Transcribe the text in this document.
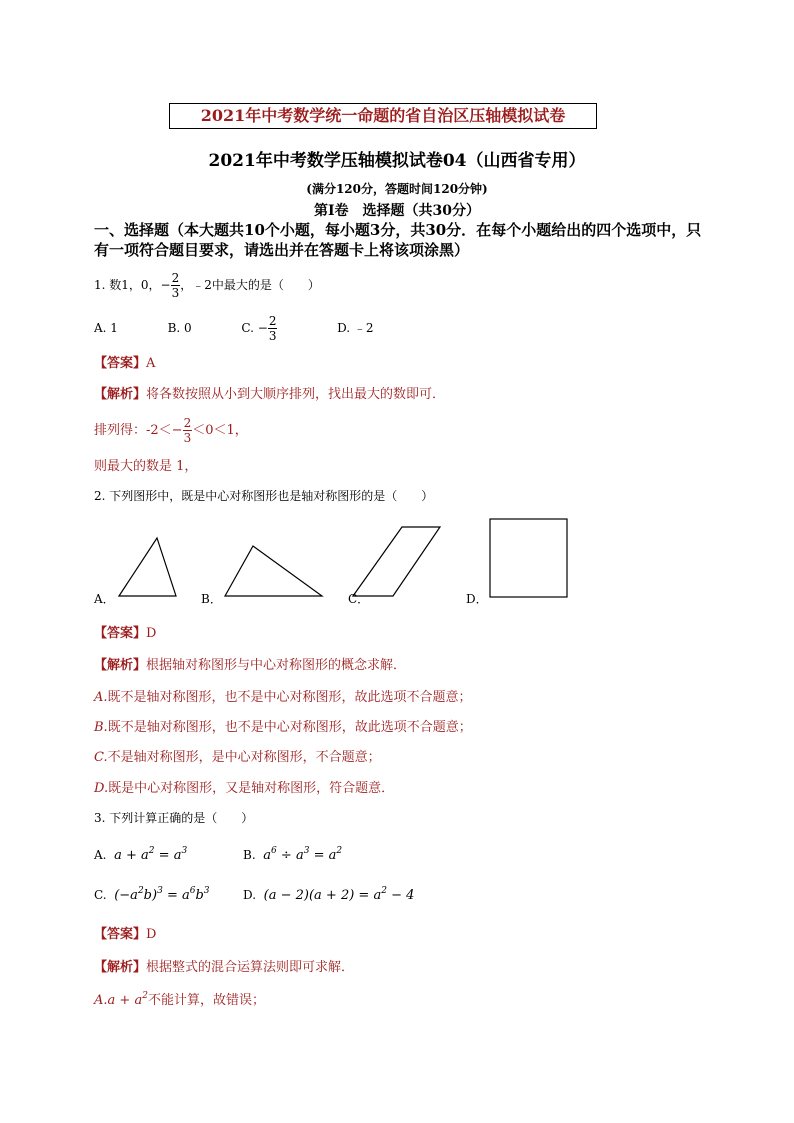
2021年中考数学统一命题的省自治区压轴模拟试卷
2021年中考数学压轴模拟试卷04（山西省专用）
(满分120分，答题时间120分钟)
第I卷　选择题（共30分）
一、选择题（本大题共10个小题，每小题3分，共30分．在每个小题给出的四个选项中，只有一项符合题目要求，请选出并在答题卡上将该项涂黑）
1. 数1，0，− $\frac{2}{3}$ ，﹣2中最大的是（　　）
A. 1	B. 0	C. − $\frac{2}{3}$	D. ﹣2
【答案】A
【解析】将各数按照从小到大顺序排列，找出最大的数即可．
排列得：$-2<- \frac{2}{3} <0<1$，
则最大的数是 1，
2. 下列图形中，既是中心对称图形也是轴对称图形的是（　　）
A．	B．	C．	D．
【答案】D
【解析】根据轴对称图形与中心对称图形的概念求解．
A.既不是轴对称图形，也不是中心对称图形，故此选项不合题意；
B.既不是轴对称图形，也不是中心对称图形，故此选项不合题意；
C.不是轴对称图形，是中心对称图形，不合题意；
D.既是中心对称图形，又是轴对称图形，符合题意．
3. 下列计算正确的是（　　）
A. $a + a^2 = a^3$	B. $a^6 \div a^3 = a^2$
C. $(-a^2b)^3 = a^6b^3$	D. $(a - 2)(a + 2) = a^2 - 4$
【答案】D
【解析】根据整式的混合运算法则即可求解．
$A.a + a^2$不能计算，故错误；
